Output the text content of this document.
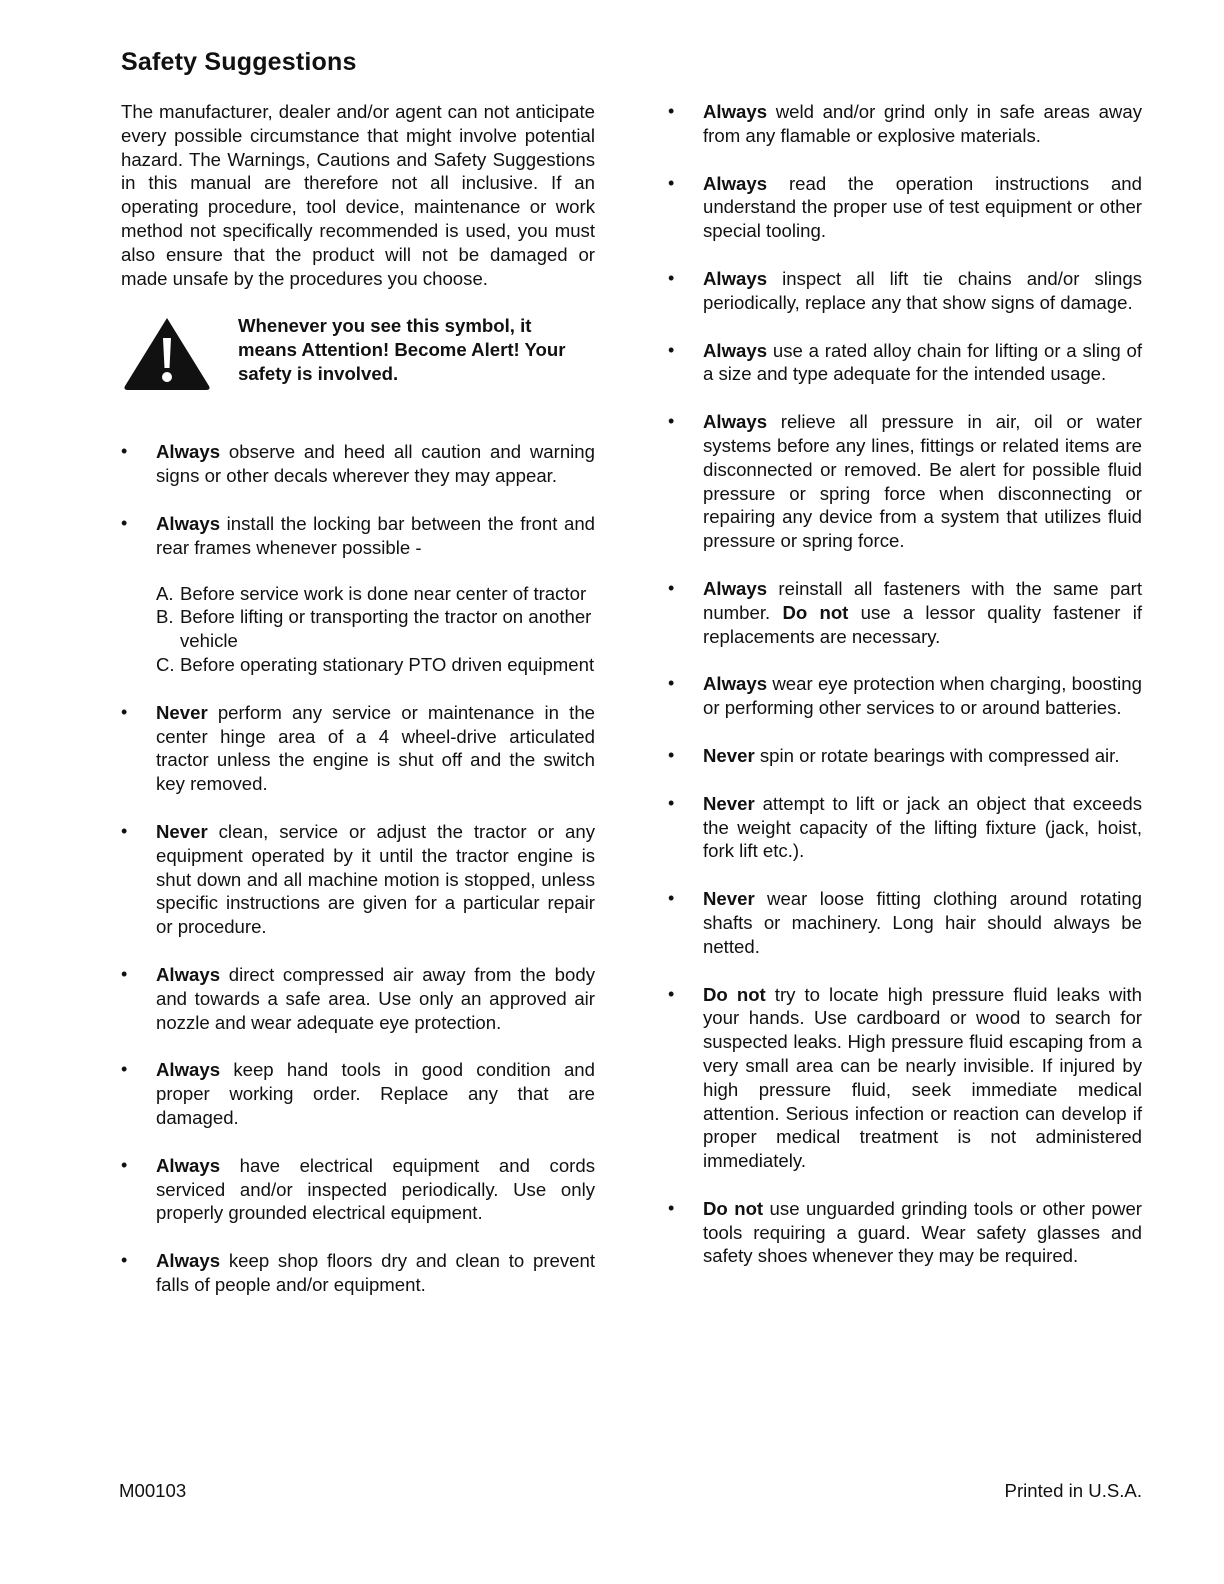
Safety Suggestions

The manufacturer, dealer and/or agent can not anticipate every possible circumstance that might involve potential hazard. The Warnings, Cautions and Safety Suggestions in this manual are therefore not all inclusive. If an operating procedure, tool device, maintenance or work method not specifically recommended is used, you must also ensure that the product will not be damaged or made unsafe by the procedures you choose.

Whenever you see this symbol, it means Attention! Become Alert! Your safety is involved.
•	Always observe and heed all caution and warning signs or other decals wherever they may appear.
•	Always install the locking bar between the front and rear frames whenever possible -
A. Before service work is done near center of tractor
B. Before lifting or transporting the tractor on another vehicle
C. Before operating stationary PTO driven equipment
•	Never perform any service or maintenance in the center hinge area of a 4 wheel-drive articulated tractor unless the engine is shut off and the switch key removed.
•	Never clean, service or adjust the tractor or any equipment operated by it until the tractor engine is shut down and all machine motion is stopped, unless specific instructions are given for a particular repair or procedure.
•	Always direct compressed air away from the body and towards a safe area. Use only an approved air nozzle and wear adequate eye protection.
•	Always keep hand tools in good condition and proper working order. Replace any that are damaged.
•	Always have electrical equipment and cords serviced and/or inspected periodically. Use only properly grounded electrical equipment.
•	Always keep shop floors dry and clean to prevent falls of people and/or equipment.
•	Always weld and/or grind only in safe areas away from any flamable or explosive materials.
•	Always read the operation instructions and understand the proper use of test equipment or other special tooling.
•	Always inspect all lift tie chains and/or slings periodically, replace any that show signs of damage.
•	Always use a rated alloy chain for lifting or a sling of a size and type adequate for the intended usage.
•	Always relieve all pressure in air, oil or water systems before any lines, fittings or related items are disconnected or removed. Be alert for possible fluid pressure or spring force when disconnecting or repairing any device from a system that utilizes fluid pressure or spring force.
•	Always reinstall all fasteners with the same part number. Do not use a lessor quality fastener if replacements are necessary.
•	Always wear eye protection when charging, boosting or performing other services to or around batteries.
•	Never spin or rotate bearings with compressed air.
•	Never attempt to lift or jack an object that exceeds the weight capacity of the lifting fixture (jack, hoist, fork lift etc.).
•	Never wear loose fitting clothing around rotating shafts or machinery. Long hair should always be netted.
•	Do not try to locate high pressure fluid leaks with your hands. Use cardboard or wood to search for suspected leaks. High pressure fluid escaping from a very small area can be nearly invisible. If injured by high pressure fluid, seek immediate medical attention. Serious infection or reaction can develop if proper medical treatment is not administered immediately.
•	Do not use unguarded grinding tools or other power tools requiring a guard. Wear safety glasses and safety shoes whenever they may be required.
M00103	Printed in U.S.A.
